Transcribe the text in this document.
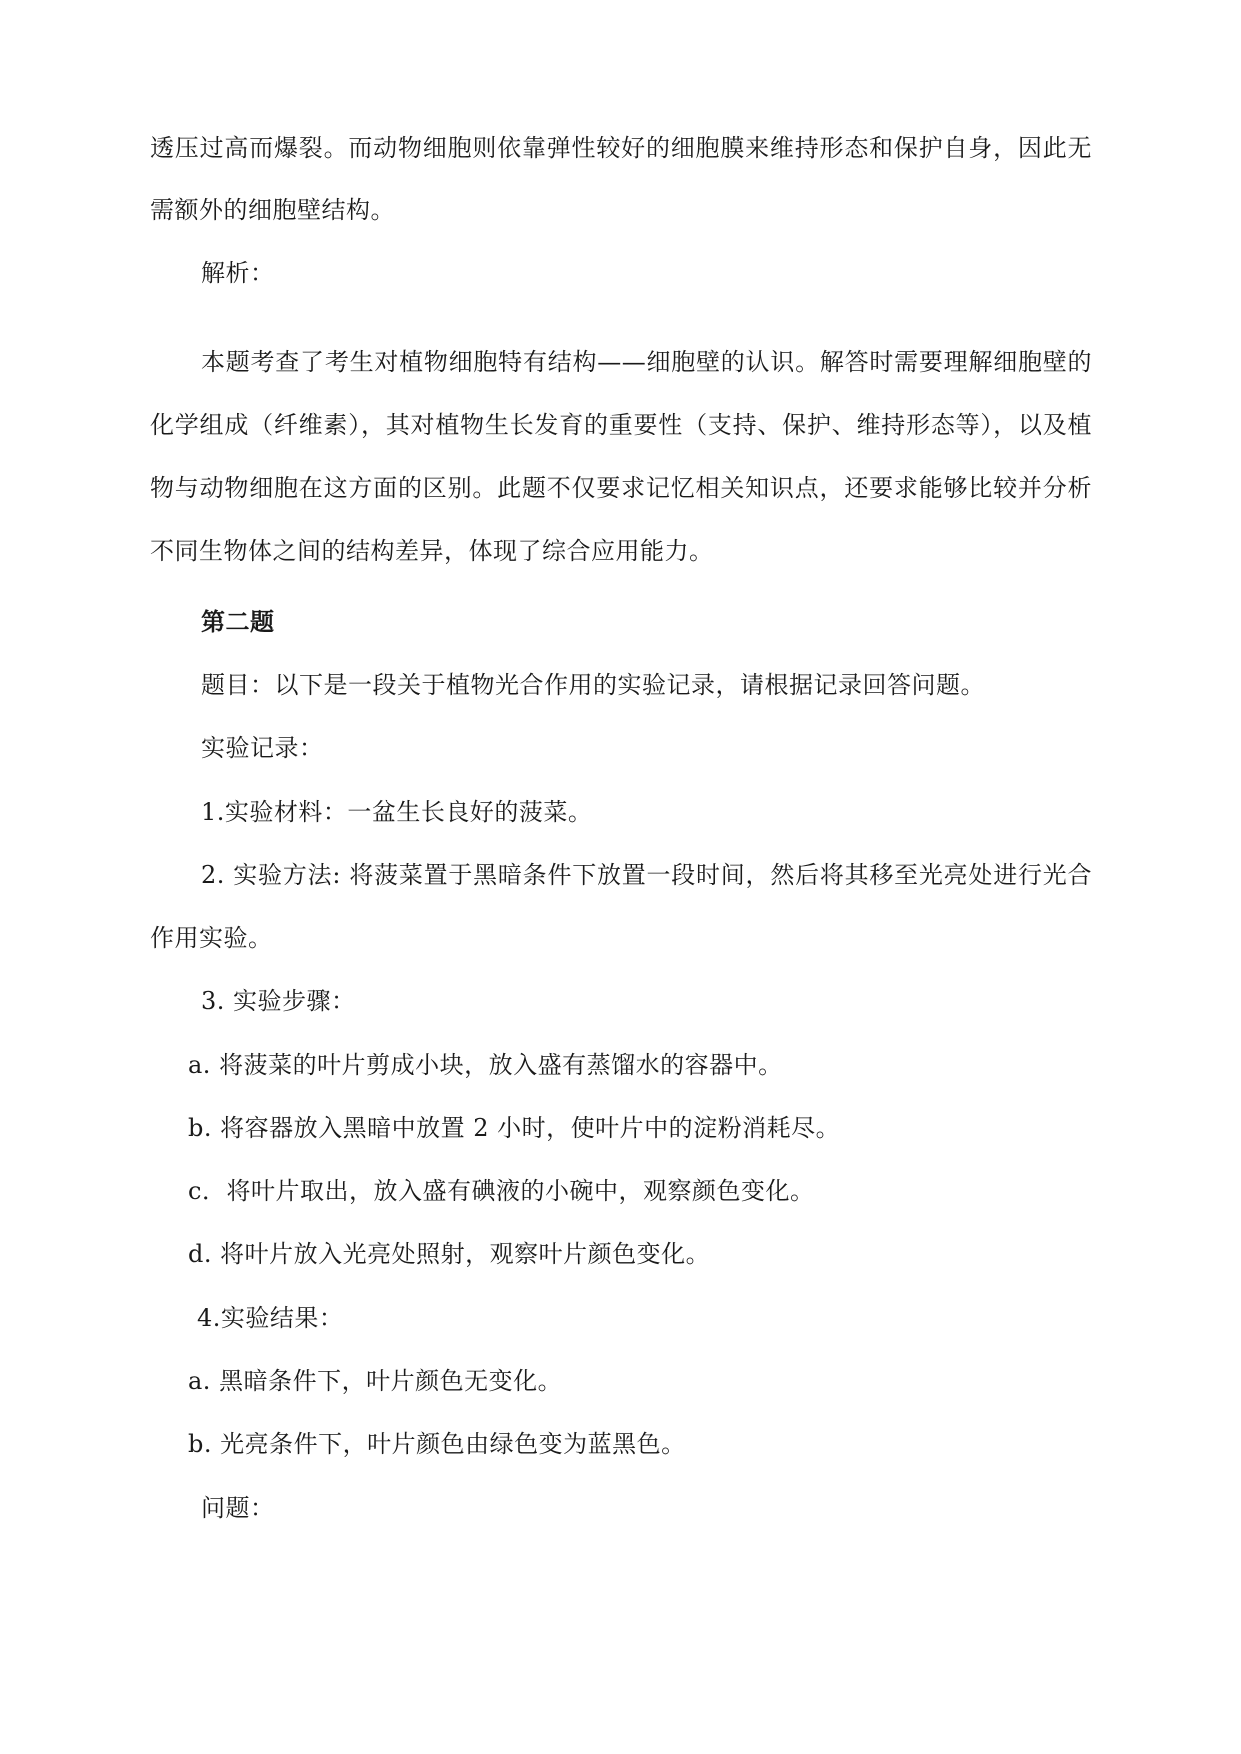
透压过高而爆裂。而动物细胞则依靠弹性较好的细胞膜来维持形态和保护自身，因此无
需额外的细胞壁结构。
解析：
本题考查了考生对植物细胞特有结构——细胞壁的认识。解答时需要理解细胞壁的
化学组成（纤维素），其对植物生长发育的重要性（支持、保护、维持形态等），以及植
物与动物细胞在这方面的区别。此题不仅要求记忆相关知识点，还要求能够比较并分析
不同生物体之间的结构差异，体现了综合应用能力。
第二题
题目：以下是一段关于植物光合作用的实验记录，请根据记录回答问题。
实验记录：
1.实验材料：一盆生长良好的菠菜。
2. 实验方法: 将菠菜置于黑暗条件下放置一段时间，然后将其移至光亮处进行光合
作用实验。
3. 实验步骤：
a. 将菠菜的叶片剪成小块，放入盛有蒸馏水的容器中。
b. 将容器放入黑暗中放置 2 小时，使叶片中的淀粉消耗尽。
c．将叶片取出，放入盛有碘液的小碗中，观察颜色变化。
d. 将叶片放入光亮处照射，观察叶片颜色变化。
4.实验结果：
a. 黑暗条件下，叶片颜色无变化。
b. 光亮条件下，叶片颜色由绿色变为蓝黑色。
问题：
